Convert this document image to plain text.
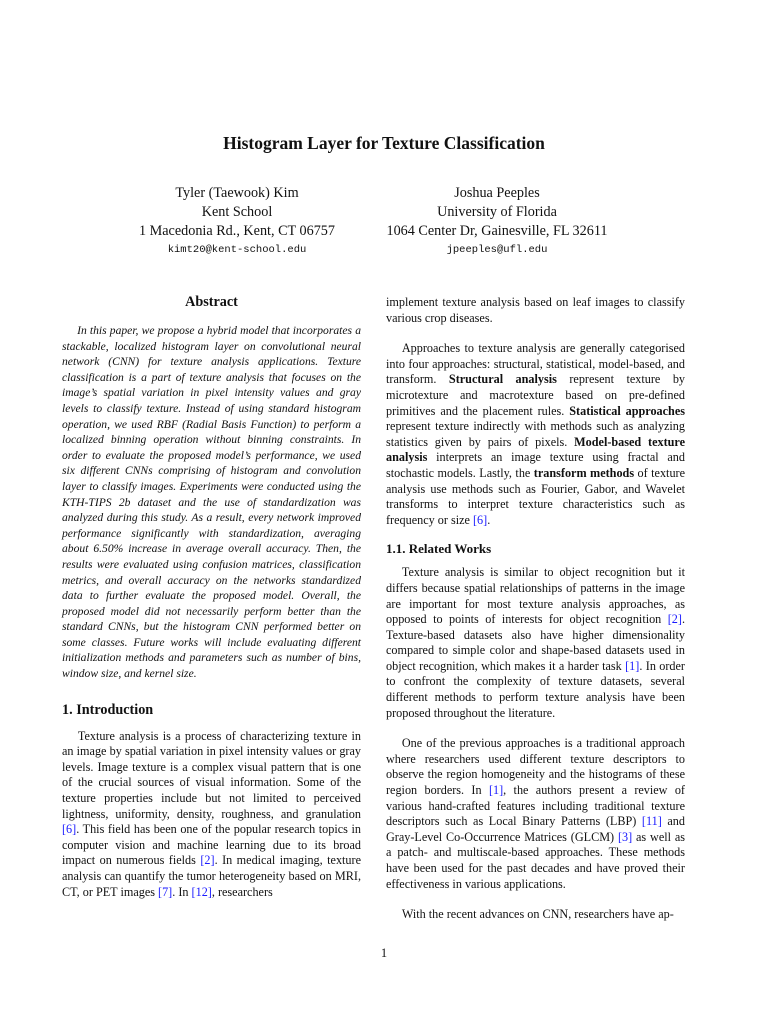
Histogram Layer for Texture Classification
Tyler (Taewook) Kim
Kent School
1 Macedonia Rd., Kent, CT 06757
kimt20@kent-school.edu
Joshua Peeples
University of Florida
1064 Center Dr, Gainesville, FL 32611
jpeeples@ufl.edu
Abstract

In this paper, we propose a hybrid model that incorporates a stackable, localized histogram layer on convolutional neural network (CNN) for texture analysis applications. Texture classification is a part of texture analysis that focuses on the image’s spatial variation in pixel intensity values and gray levels to classify texture. Instead of using standard histogram operation, we used RBF (Radial Basis Function) to perform a localized binning operation without binning constraints. In order to evaluate the proposed model’s performance, we used six different CNNs comprising of histogram and convolution layer to classify images. Experiments were conducted using the KTH-TIPS 2b dataset and the use of standardization was analyzed during this study. As a result, every network improved performance significantly with standardization, averaging about 6.50% increase in average overall accuracy. Then, the results were evaluated using confusion matrices, classification metrics, and overall accuracy on the networks standardized data to further evaluate the proposed model. Overall, the proposed model did not necessarily perform better than the standard CNNs, but the histogram CNN performed better on some classes. Future works will include evaluating different initialization methods and parameters such as number of bins, window size, and kernel size.

1. Introduction

Texture analysis is a process of characterizing texture in an image by spatial variation in pixel intensity values or gray levels. Image texture is a complex visual pattern that is one of the crucial sources of visual information. Some of the texture properties include but not limited to perceived lightness, uniformity, density, roughness, and granulation [6]. This field has been one of the popular research topics in computer vision and machine learning due to its broad impact on numerous fields [2]. In medical imaging, texture analysis can quantify the tumor heterogeneity based on MRI, CT, or PET images [7]. In [12], researchers

implement texture analysis based on leaf images to classify various crop diseases.

Approaches to texture analysis are generally categorised into four approaches: structural, statistical, model-based, and transform. Structural analysis represent texture by microtexture and macrotexture based on pre-defined primitives and the placement rules. Statistical approaches represent texture indirectly with methods such as analyzing statistics given by pairs of pixels. Model-based texture analysis interprets an image texture using fractal and stochastic models. Lastly, the transform methods of texture analysis use methods such as Fourier, Gabor, and Wavelet transforms to interpret texture characteristics such as frequency or size [6].

1.1. Related Works

Texture analysis is similar to object recognition but it differs because spatial relationships of patterns in the image are important for most texture analysis approaches, as opposed to points of interests for object recognition [2]. Texture-based datasets also have higher dimensionality compared to simple color and shape-based datasets used in object recognition, which makes it a harder task [1]. In order to confront the complexity of texture datasets, several different methods to perform texture analysis have been proposed throughout the literature.

One of the previous approaches is a traditional approach where researchers used different texture descriptors to observe the region homogeneity and the histograms of these region borders. In [1], the authors present a review of various hand-crafted features including traditional texture descriptors such as Local Binary Patterns (LBP) [11] and Gray-Level Co-Occurrence Matrices (GLCM) [3] as well as a patch- and multiscale-based approaches. These methods have been used for the past decades and have proved their effectiveness in various applications.

With the recent advances on CNN, researchers have ap-

1
